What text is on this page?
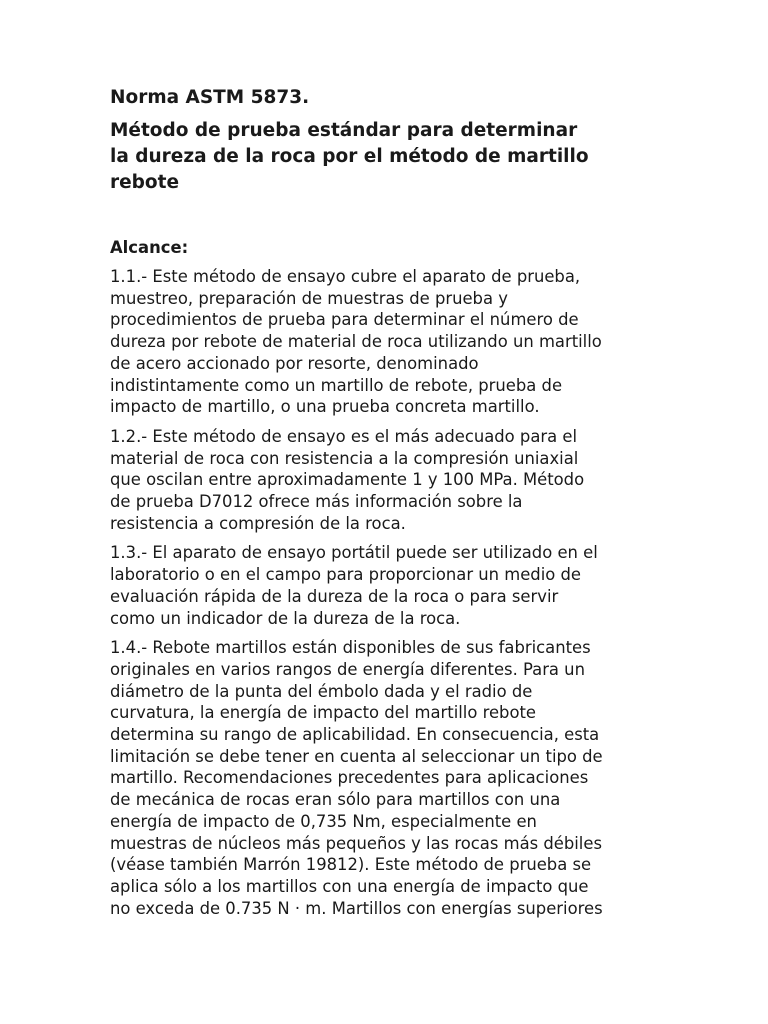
Norma ASTM 5873.
Método de prueba estándar para determinar
la dureza de la roca por el método de martillo
rebote
Alcance:

1.1.- Este método de ensayo cubre el aparato de prueba,
muestreo, preparación de muestras de prueba y
procedimientos de prueba para determinar el número de
dureza por rebote de material de roca utilizando un martillo
de acero accionado por resorte, denominado
indistintamente como un martillo de rebote, prueba de
impacto de martillo, o una prueba concreta martillo.

1.2.- Este método de ensayo es el más adecuado para el
material de roca con resistencia a la compresión uniaxial
que oscilan entre aproximadamente 1 y 100 MPa. Método
de prueba D7012 ofrece más información sobre la
resistencia a compresión de la roca.

1.3.- El aparato de ensayo portátil puede ser utilizado en el
laboratorio o en el campo para proporcionar un medio de
evaluación rápida de la dureza de la roca o para servir
como un indicador de la dureza de la roca.

1.4.- Rebote martillos están disponibles de sus fabricantes
originales en varios rangos de energía diferentes. Para un
diámetro de la punta del émbolo dada y el radio de
curvatura, la energía de impacto del martillo rebote
determina su rango de aplicabilidad. En consecuencia, esta
limitación se debe tener en cuenta al seleccionar un tipo de
martillo. Recomendaciones precedentes para aplicaciones
de mecánica de rocas eran sólo para martillos con una
energía de impacto de 0,735 Nm, especialmente en
muestras de núcleos más pequeños y las rocas más débiles
(véase también Marrón 19812). Este método de prueba se
aplica sólo a los martillos con una energía de impacto que
no exceda de 0.735 N · m. Martillos con energías superiores
